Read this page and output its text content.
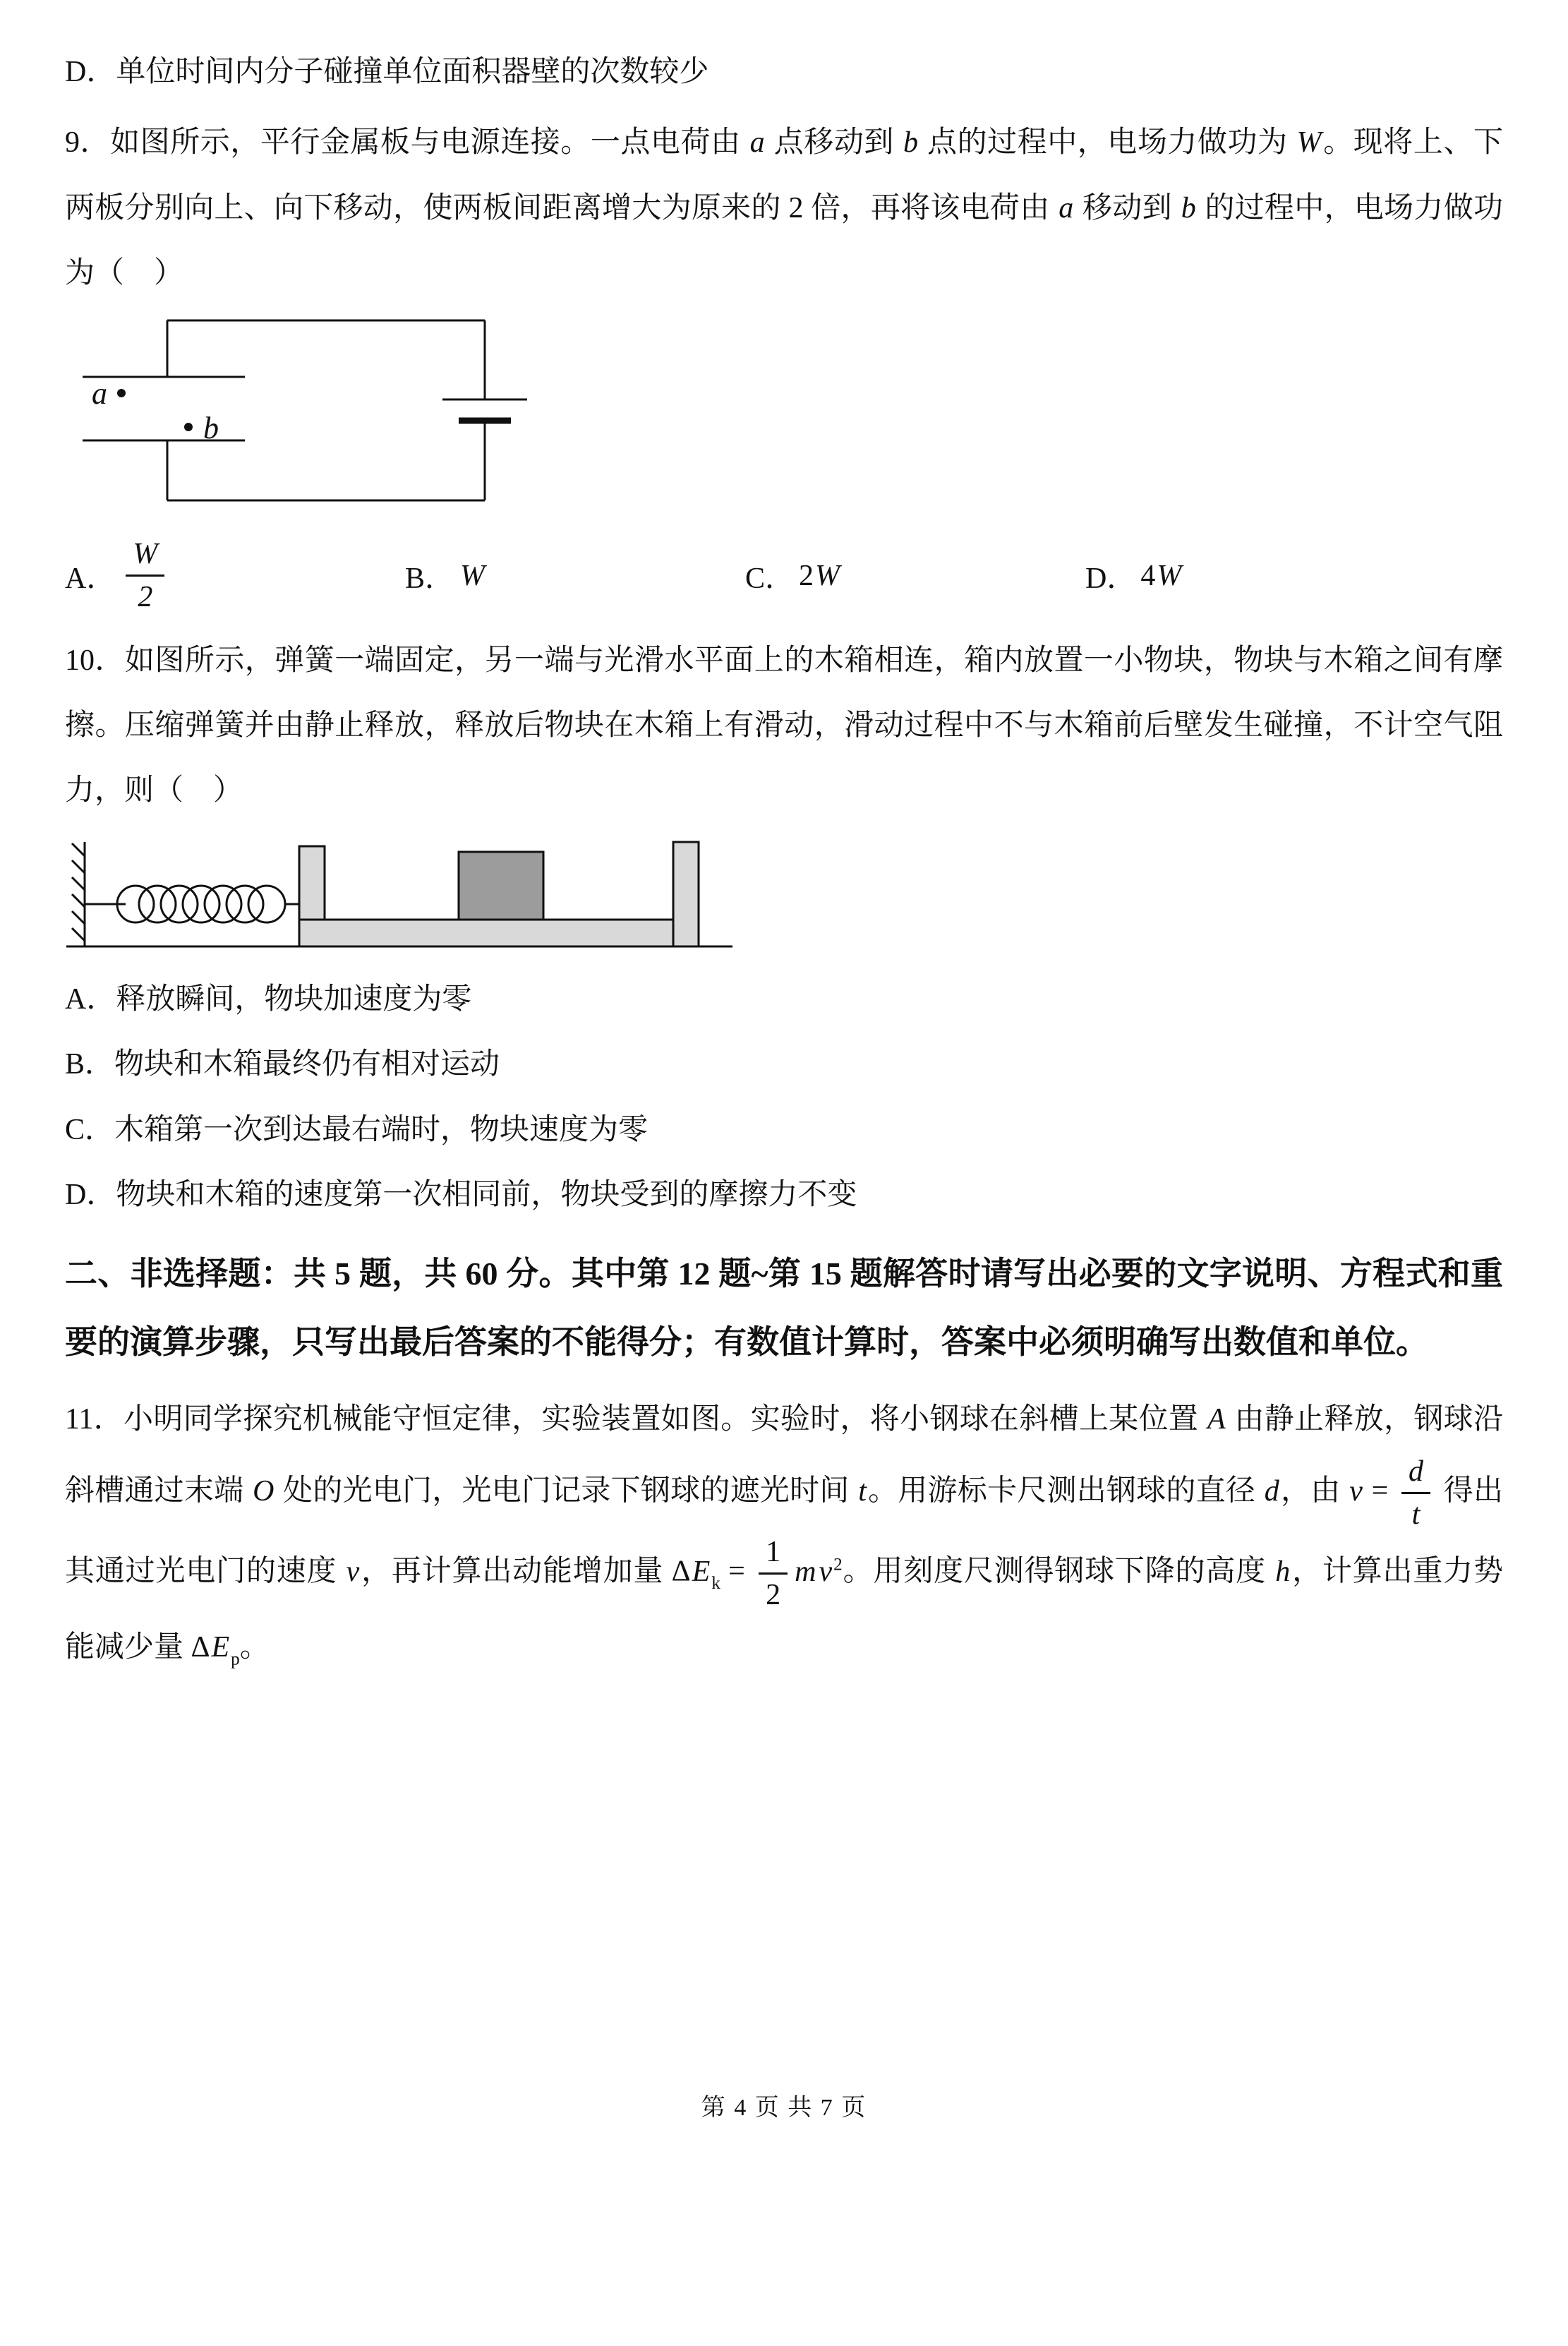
D．单位时间内分子碰撞单位面积器壁的次数较少

9．如图所示，平行金属板与电源连接。一点电荷由 a 点移动到 b 点的过程中，电场力做功为 W。现将上、下两板分别向上、向下移动，使两板间距离增大为原来的 2 倍，再将该电荷由 a 移动到 b 的过程中，电场力做功为（　）

a
b
A． $\frac{W}{2}$	B． W	C． 2W	D． 4W

10．如图所示，弹簧一端固定，另一端与光滑水平面上的木箱相连，箱内放置一小物块，物块与木箱之间有摩擦。压缩弹簧并由静止释放，释放后物块在木箱上有滑动，滑动过程中不与木箱前后壁发生碰撞，不计空气阻力，则（　）

A．释放瞬间，物块加速度为零

B．物块和木箱最终仍有相对运动

C．木箱第一次到达最右端时，物块速度为零

D．物块和木箱的速度第一次相同前，物块受到的摩擦力不变

二、非选择题：共 5 题，共 60 分。其中第 12 题~第 15 题解答时请写出必要的文字说明、方程式和重要的演算步骤，只写出最后答案的不能得分；有数值计算时，答案中必须明确写出数值和单位。

11．小明同学探究机械能守恒定律，实验装置如图。实验时，将小钢球在斜槽上某位置 A 由静止释放，钢球沿斜槽通过末端 O 处的光电门，光电门记录下钢球的遮光时间 t。用游标卡尺测出钢球的直径 d，由 $v = \frac{d}{t}$ 得出其通过光电门的速度 v，再计算出动能增加量 $\Delta E_k = \frac{1}{2} mv^2$。用刻度尺测得钢球下降的高度 h，计算出重力势能减少量 $\Delta E_p$。

第 4 页 共 7 页
